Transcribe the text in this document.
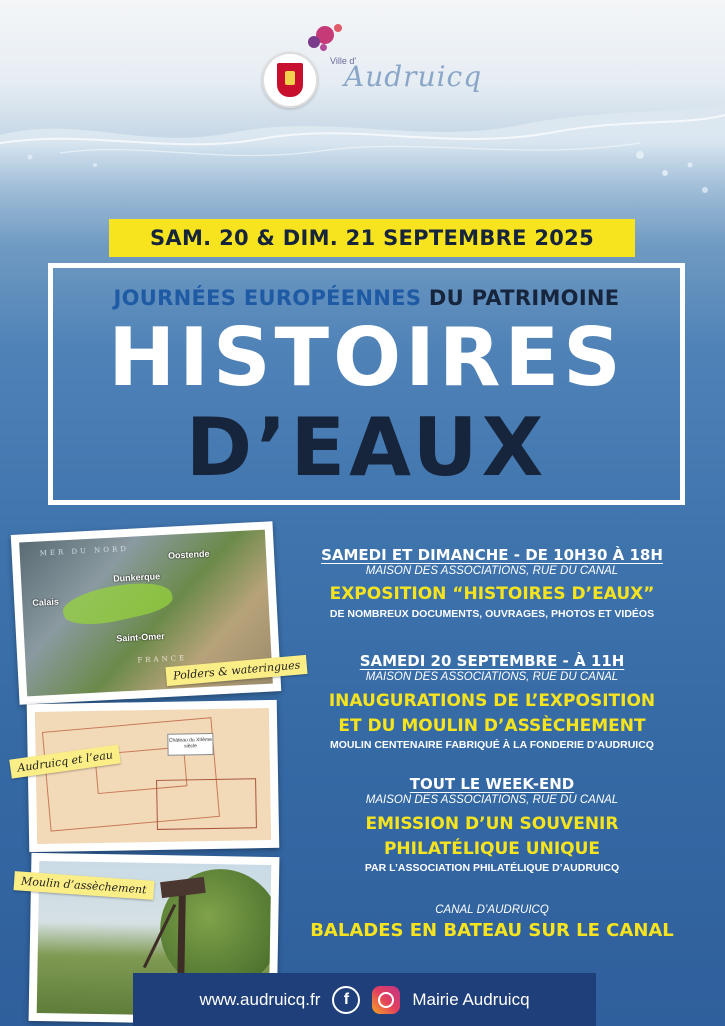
Ville d'
Audruicq
SAM. 20 & DIM. 21 SEPTEMBRE 2025
JOURNÉES EUROPÉENNES DU PATRIMOINE
HISTOIRES
D’EAUX
MER DU NORD	Oostende
Dunkerque
Calais
Saint-Omer
FRANCE
Château du XIIème siècle
Polders & wateringues
Audruicq et l’eau
Moulin d’assèchement
SAMEDI ET DIMANCHE - DE 10H30 À 18H
MAISON DES ASSOCIATIONS, RUE DU CANAL
EXPOSITION “HISTOIRES D’EAUX”
DE NOMBREUX DOCUMENTS, OUVRAGES, PHOTOS ET VIDÉOS
SAMEDI 20 SEPTEMBRE - À 11H
MAISON DES ASSOCIATIONS, RUE DU CANAL
INAUGURATIONS DE L’EXPOSITION
ET DU MOULIN D’ASSÈCHEMENT
MOULIN CENTENAIRE FABRIQUÉ À LA FONDERIE D’AUDRUICQ
TOUT LE WEEK-END
MAISON DES ASSOCIATIONS, RUE DU CANAL
EMISSION D’UN SOUVENIR
PHILATÉLIQUE UNIQUE
PAR L’ASSOCIATION PHILATÉLIQUE D’AUDRUICQ
CANAL D’AUDRUICQ
BALADES EN BATEAU SUR LE CANAL
www.audruicq.fr	f	Mairie Audruicq
